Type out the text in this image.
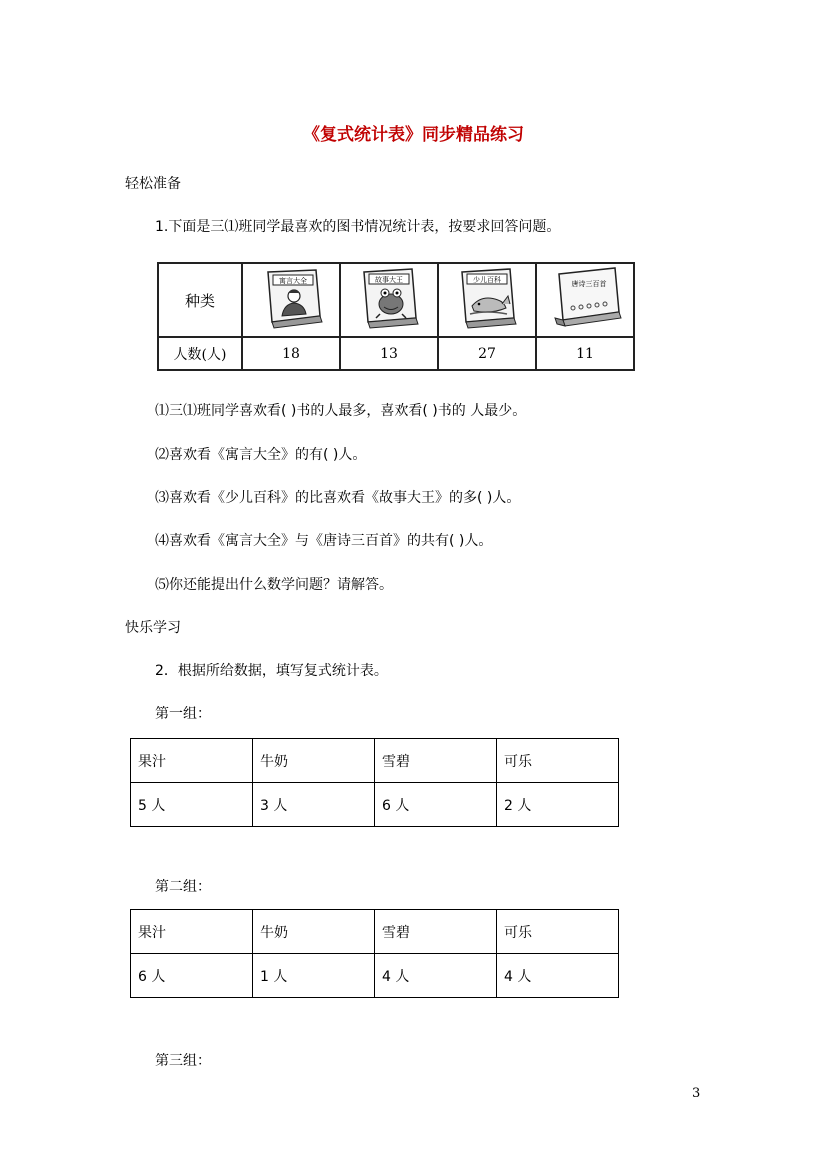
《复式统计表》同步精品练习
轻松准备
1.下面是三⑴班同学最喜欢的图书情况统计表，按要求回答问题。
种类	寓言大全	故事大王	少儿百科	唐诗三百首

人数(人)	18	13	27	11
⑴三⑴班同学喜欢看( )书的人最多，喜欢看( )书的 人最少。
⑵喜欢看《寓言大全》的有( )人。
⑶喜欢看《少儿百科》的比喜欢看《故事大王》的多( )人。
⑷喜欢看《寓言大全》与《唐诗三百首》的共有( )人。
⑸你还能提出什么数学问题？请解答。
快乐学习
2．根据所给数据，填写复式统计表。
第一组：
果汁	牛奶	雪碧	可乐
5 人	3 人	6 人	2 人
第二组：
果汁	牛奶	雪碧	可乐
6 人	1 人	4 人	4 人
第三组：
3
